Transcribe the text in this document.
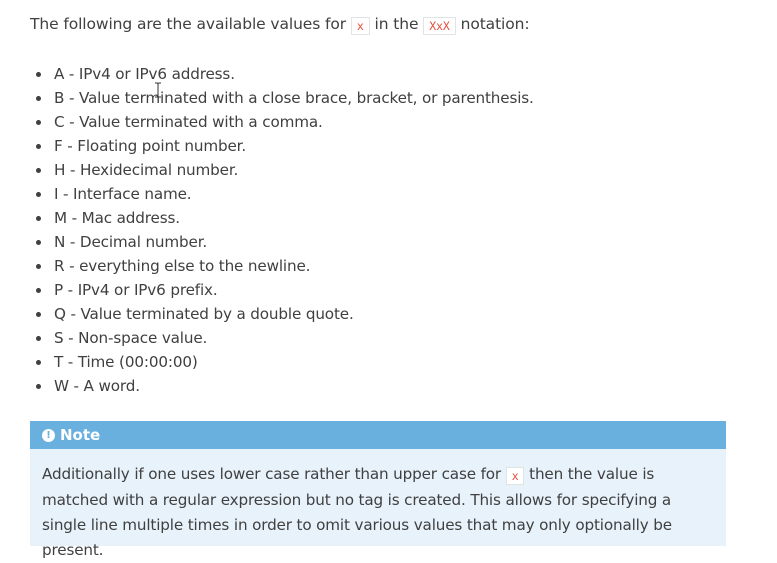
The following are the available values for x in the XxX notation:

A - IPv4 or IPv6 address.
B - Value terminated with a close brace, bracket, or parenthesis.
C - Value terminated with a comma.
F - Floating point number.
H - Hexidecimal number.
I - Interface name.
M - Mac address.
N - Decimal number.
R - everything else to the newline.
P - IPv4 or IPv6 prefix.
Q - Value terminated by a double quote.
S - Non-space value.
T - Time (00:00:00)
W - A word.
! Note

Additionally if one uses lower case rather than upper case for x then the value is matched with a regular expression but no tag is created. This allows for specifying a single line multiple times in order to omit various values that may only optionally be present.
